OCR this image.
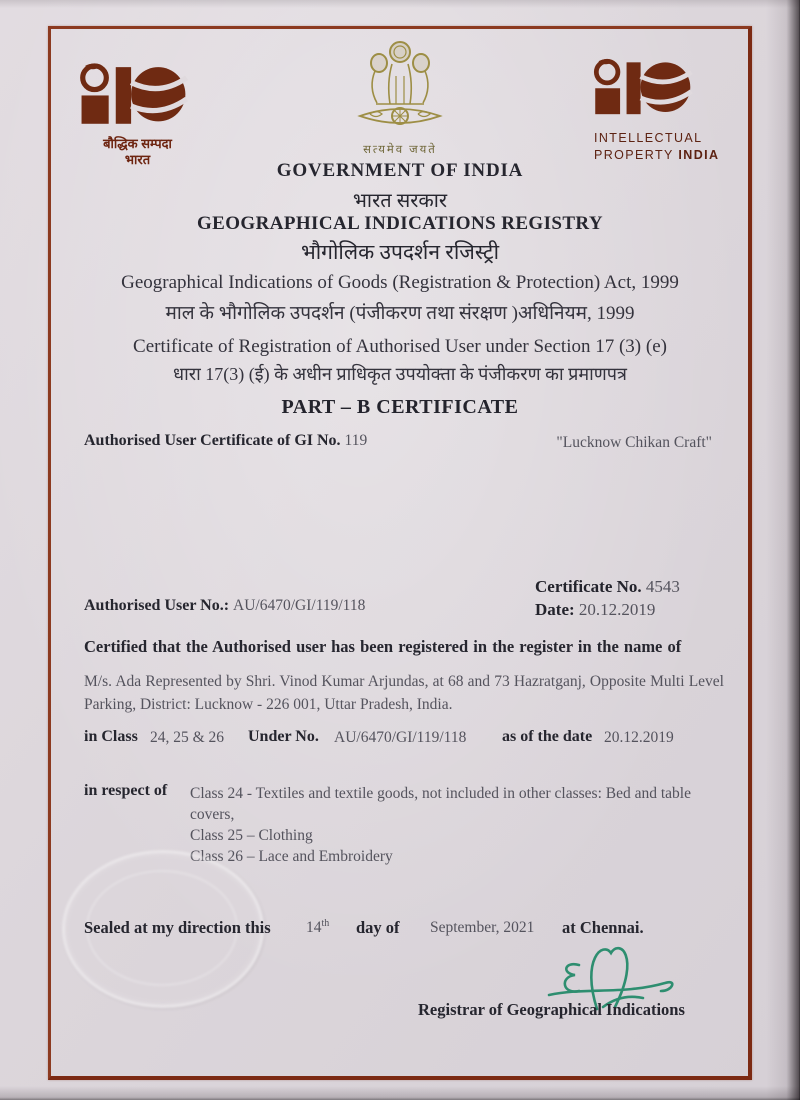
बौद्धिक सम्पदा
भारत
सत्यमेव जयते
INTELLECTUAL
PROPERTY INDIA
GOVERNMENT OF INDIA
भारत सरकार
GEOGRAPHICAL INDICATIONS REGISTRY
भौगोलिक उपदर्शन रजिस्ट्री
Geographical Indications of Goods (Registration & Protection) Act, 1999
माल के भौगोलिक उपदर्शन (पंजीकरण तथा संरक्षण )अधिनियम, 1999
Certificate of Registration of Authorised User under Section 17 (3) (e)
धारा 17(3) (ई) के अधीन प्राधिकृत उपयोक्ता के पंजीकरण का प्रमाणपत्र
PART – B CERTIFICATE
Authorised User Certificate of GI No. 119	"Lucknow Chikan Craft"
Certificate No. 4543
Date: 20.12.2019
Authorised User No.: AU/6470/GI/119/118
Certified that the Authorised user has been registered in the register in the name of
M/s. Ada Represented by Shri. Vinod Kumar Arjundas, at 68 and 73 Hazratganj, Opposite Multi Level Parking, District: Lucknow - 226 001, Uttar Pradesh, India.
in Class 24, 25 & 26 Under No. AU/6470/GI/119/118 as of the date 20.12.2019
in respect of Class 24 - Textiles and textile goods, not included in other classes: Bed and table covers,
Class 25 – Clothing
Class 26 – Lace and Embroidery
Sealed at my direction this 14th day of September, 2021 at Chennai.
Registrar of Geographical Indications
